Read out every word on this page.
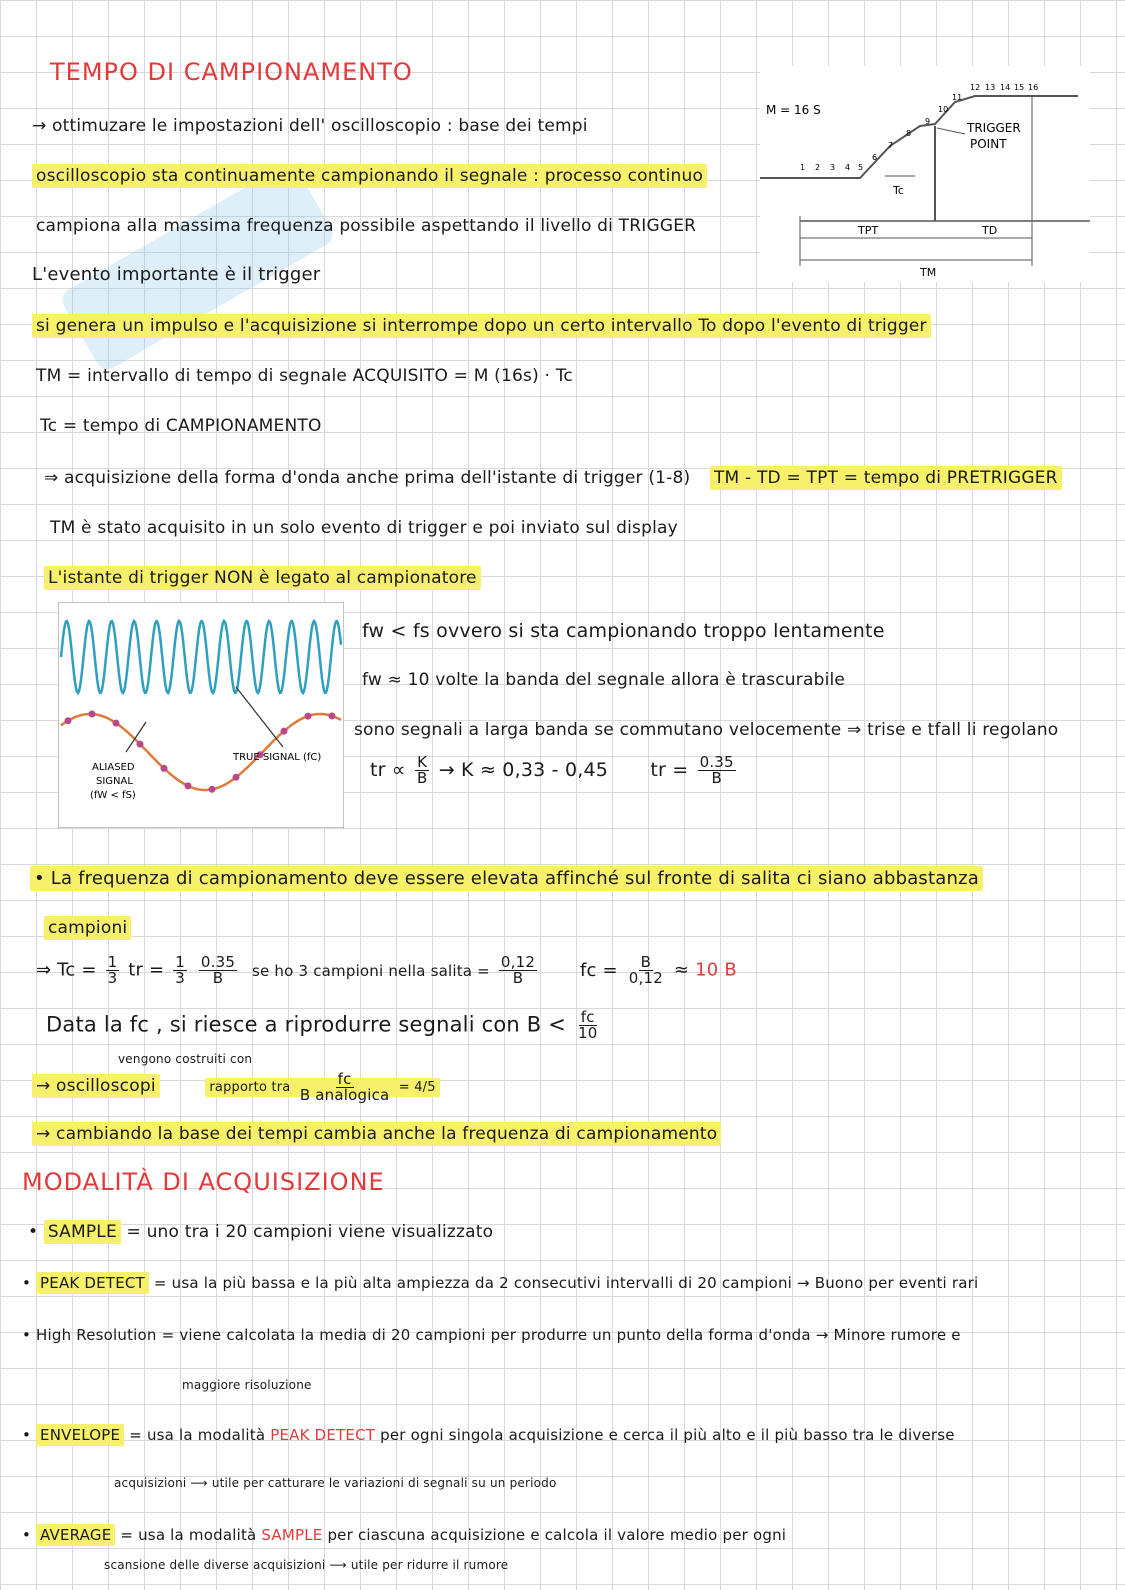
TEMPO DI CAMPIONAMENTO
→ ottimuzare le impostazioni dell' oscilloscopio : base dei tempi
oscilloscopio sta continuamente campionando il segnale : processo continuo
campiona alla massima frequenza possibile aspettando il livello di TRIGGER
L'evento importante è il trigger
si genera un impulso e l'acquisizione si interrompe dopo un certo intervallo To dopo l'evento di trigger
TM = intervallo di tempo di segnale ACQUISITO = M (16s) · Tc
Tc = tempo di CAMPIONAMENTO
⇒ acquisizione della forma d'onda anche prima dell'istante di trigger (1-8) TM - TD = TPT = tempo di PRETRIGGER
TM è stato acquisito in un solo evento di trigger e poi inviato sul display
L'istante di trigger NON è legato al campionatore
M = 16 S
1 2 3 4 5
6
7
8
9
10
11
12 13 14 15 16
TRIGGER
POINT
Tc
TPT	TD
TM
TRUE SIGNAL (fC)
ALIASED
SIGNAL
(fW < fS)
fw < fs ovvero si sta campionando troppo lentamente
fw ≈ 10 volte la banda del segnale allora è trascurabile
sono segnali a larga banda se commutano velocemente ⇒ trise e tfall li regolano
tr ∝ $\frac{K}{B} \to K \approx 0,33 - 0,45$ tr = $\frac{0.35}{B}$
• La frequenza di campionamento deve essere elevata affinché sul fronte di salita ci siano abbastanza
campioni
⇒ $Tc = \frac{1}{3}$ tr = $\frac{1}{3}$
$\frac{0.35}{B}$ se ho 3 campioni nella salita = $\frac{0,12}{B}$ fc = $\frac{B}{0,12} \approx 10$ B
Data la fc , si riesce a riprodurre segnali con $B < \frac{fc}{10}$
vengono costruiti con
→ oscilloscopi	rapporto tra $\frac{fc}{\text{B analogica}} = 4/5$
→ cambiando la base dei tempi cambia anche la frequenza di campionamento
MODALITÀ DI ACQUISIZIONE
• SAMPLE = uno tra i 20 campioni viene visualizzato
• PEAK DETECT = usa la più bassa e la più alta ampiezza da 2 consecutivi intervalli di 20 campioni → Buono per eventi rari
• High Resolution = viene calcolata la media di 20 campioni per produrre un punto della forma d'onda → Minore rumore e
maggiore risoluzione
• ENVELOPE = usa la modalità PEAK DETECT per ogni singola acquisizione e cerca il più alto e il più basso tra le diverse
acquisizioni ⟶ utile per catturare le variazioni di segnali su un periodo
• AVERAGE = usa la modalità SAMPLE per ciascuna acquisizione e calcola il valore medio per ogni
scansione delle diverse acquisizioni ⟶ utile per ridurre il rumore
